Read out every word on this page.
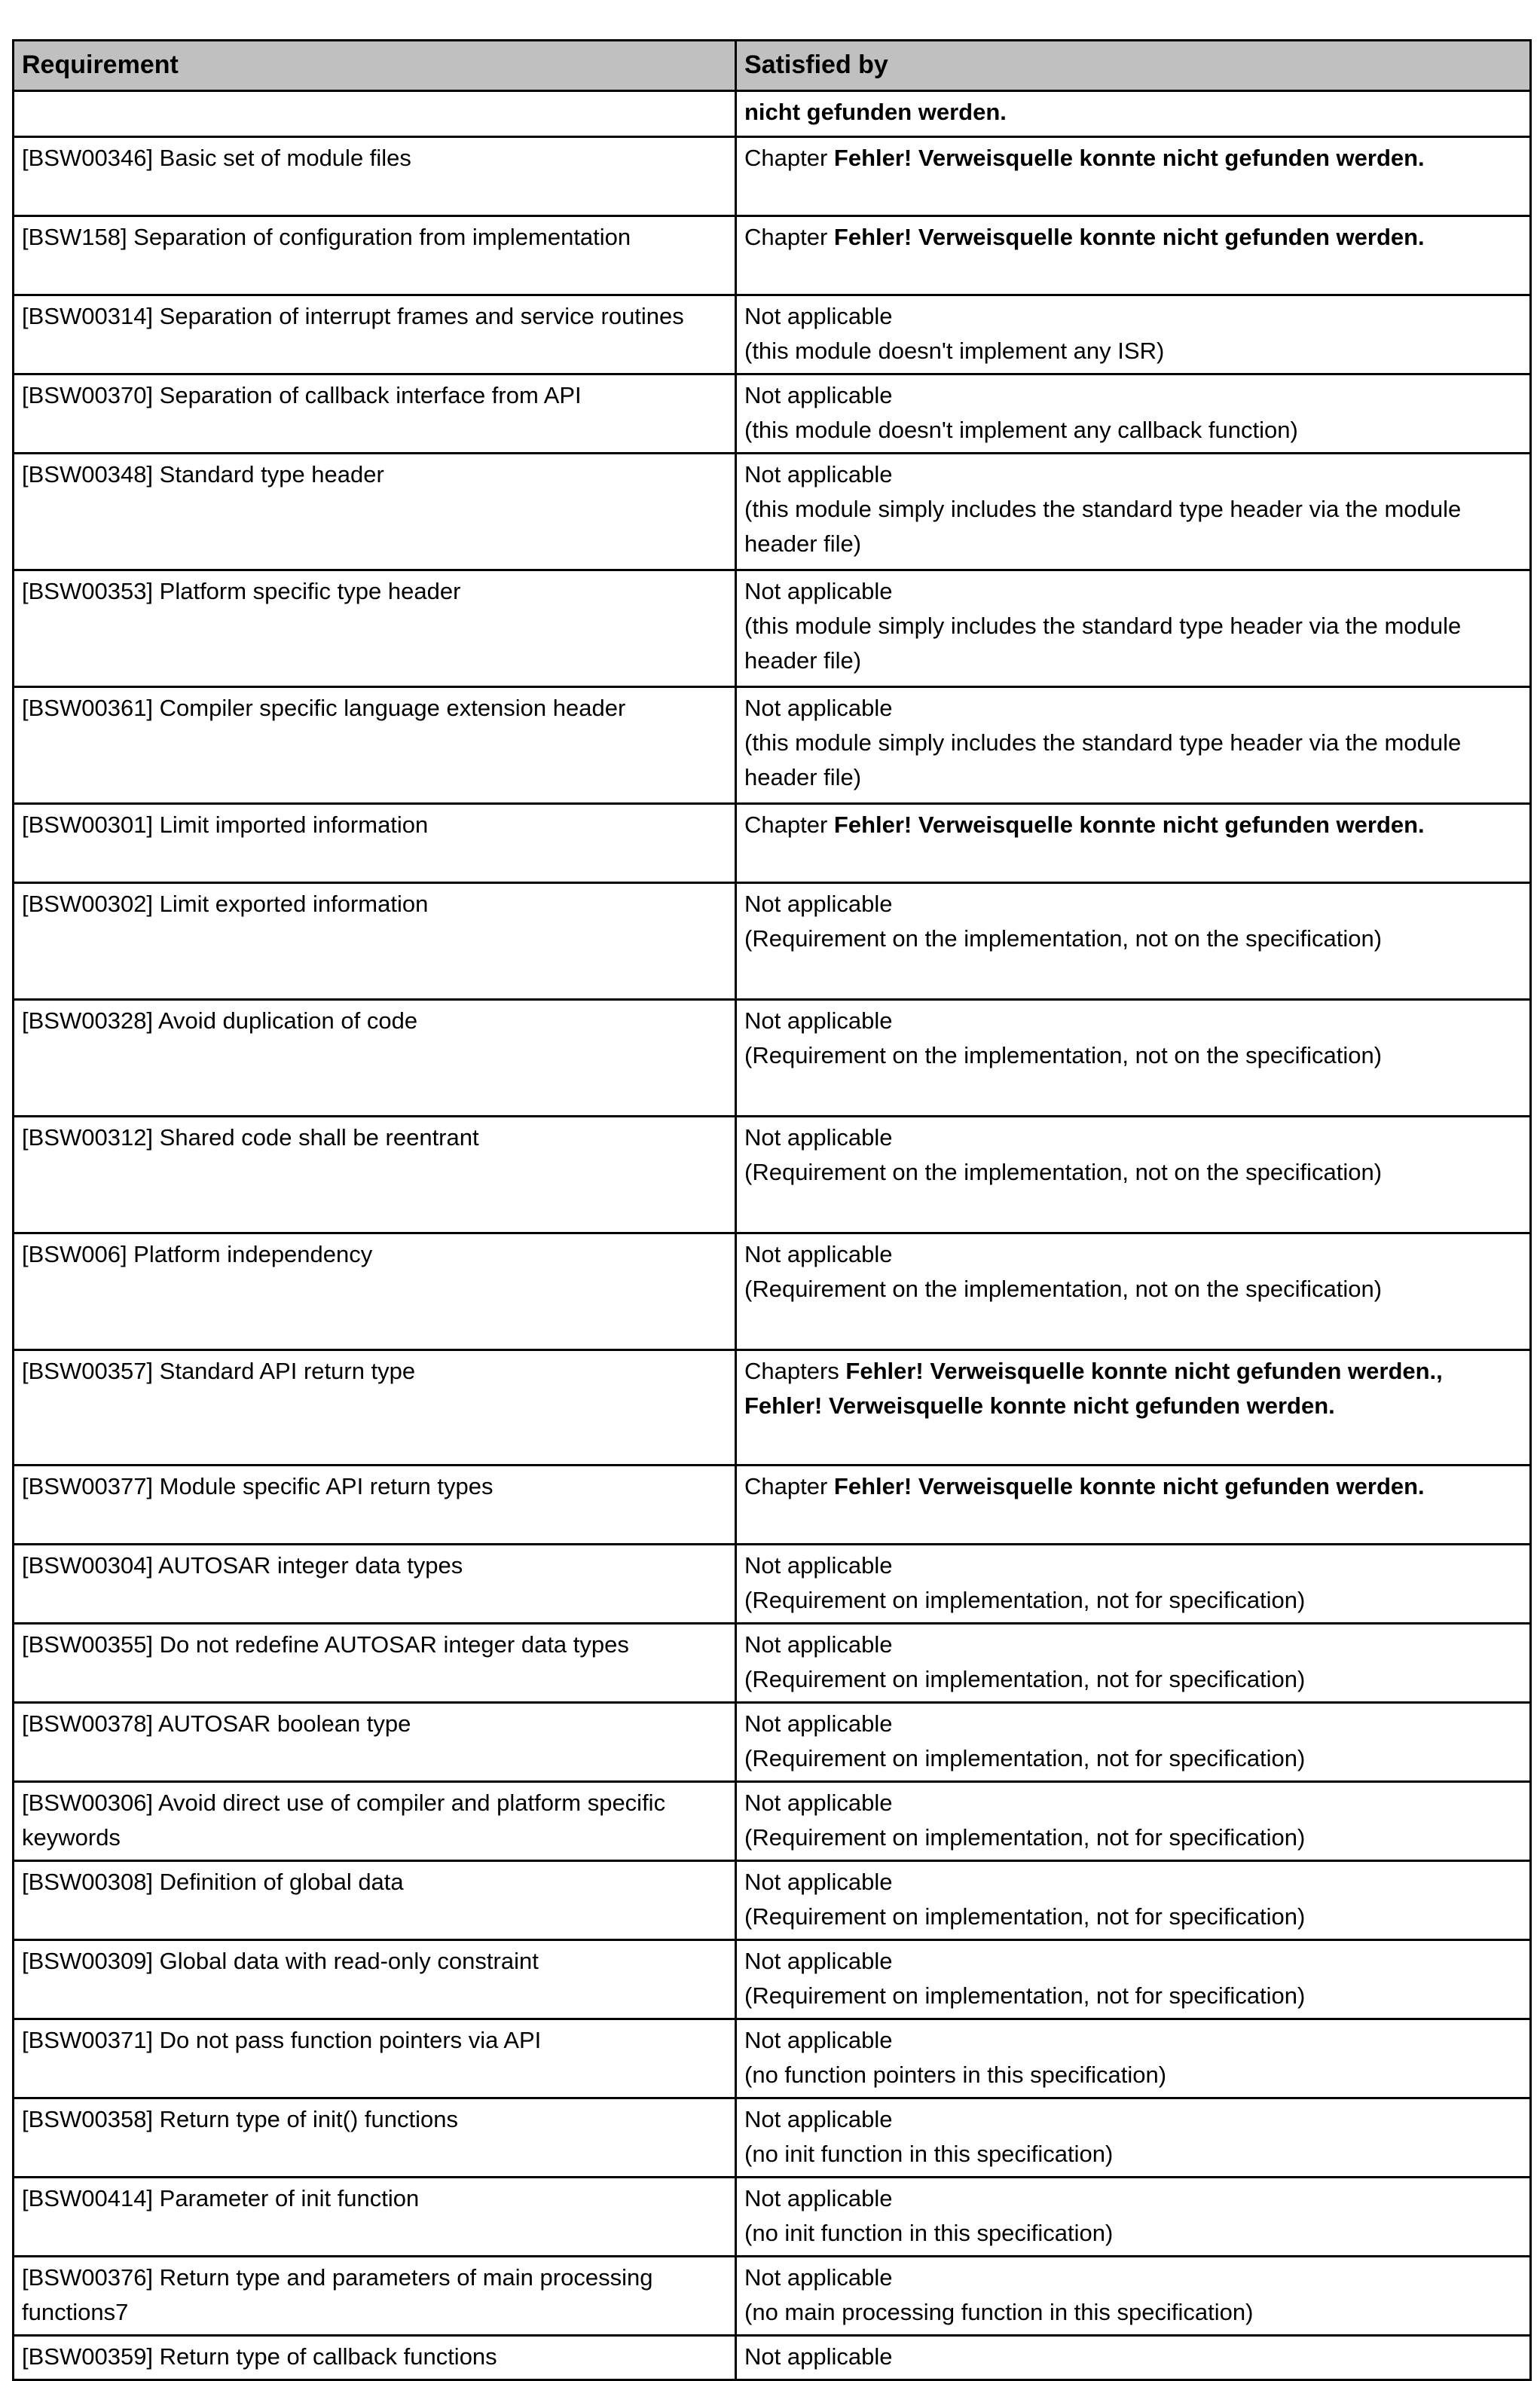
Requirement	Satisfied by

	nicht gefunden werden.

[BSW00346] Basic set of module files	Chapter Fehler! Verweisquelle konnte nicht gefunden werden.

[BSW158] Separation of configuration from implementation	Chapter Fehler! Verweisquelle konnte nicht gefunden werden.

[BSW00314] Separation of interrupt frames and service routines	Not applicable
(this module doesn't implement any ISR)

[BSW00370] Separation of callback interface from API	Not applicable
(this module doesn't implement any callback function)

[BSW00348] Standard type header	Not applicable
(this module simply includes the standard type header via the module header file)

[BSW00353] Platform specific type header	Not applicable
(this module simply includes the standard type header via the module header file)

[BSW00361] Compiler specific language extension header	Not applicable
(this module simply includes the standard type header via the module header file)

[BSW00301] Limit imported information	Chapter Fehler! Verweisquelle konnte nicht gefunden werden.

[BSW00302] Limit exported information	Not applicable
(Requirement on the implementation, not on the specification)

[BSW00328] Avoid duplication of code	Not applicable
(Requirement on the implementation, not on the specification)

[BSW00312] Shared code shall be reentrant	Not applicable
(Requirement on the implementation, not on the specification)

[BSW006] Platform independency	Not applicable
(Requirement on the implementation, not on the specification)

[BSW00357] Standard API return type	Chapters Fehler! Verweisquelle konnte nicht gefunden werden., Fehler! Verweisquelle konnte nicht gefunden werden.

[BSW00377] Module specific API return types	Chapter Fehler! Verweisquelle konnte nicht gefunden werden.

[BSW00304] AUTOSAR integer data types	Not applicable
(Requirement on implementation, not for specification)

[BSW00355] Do not redefine AUTOSAR integer data types	Not applicable
(Requirement on implementation, not for specification)

[BSW00378] AUTOSAR boolean type	Not applicable
(Requirement on implementation, not for specification)

[BSW00306] Avoid direct use of compiler and platform specific keywords	Not applicable
(Requirement on implementation, not for specification)

[BSW00308] Definition of global data	Not applicable
(Requirement on implementation, not for specification)

[BSW00309] Global data with read-only constraint	Not applicable
(Requirement on implementation, not for specification)

[BSW00371] Do not pass function pointers via API	Not applicable
(no function pointers in this specification)

[BSW00358] Return type of init() functions	Not applicable
(no init function in this specification)

[BSW00414] Parameter of init function	Not applicable
(no init function in this specification)

[BSW00376] Return type and parameters of main processing functions7	Not applicable
(no main processing function in this specification)

[BSW00359] Return type of callback functions	Not applicable
